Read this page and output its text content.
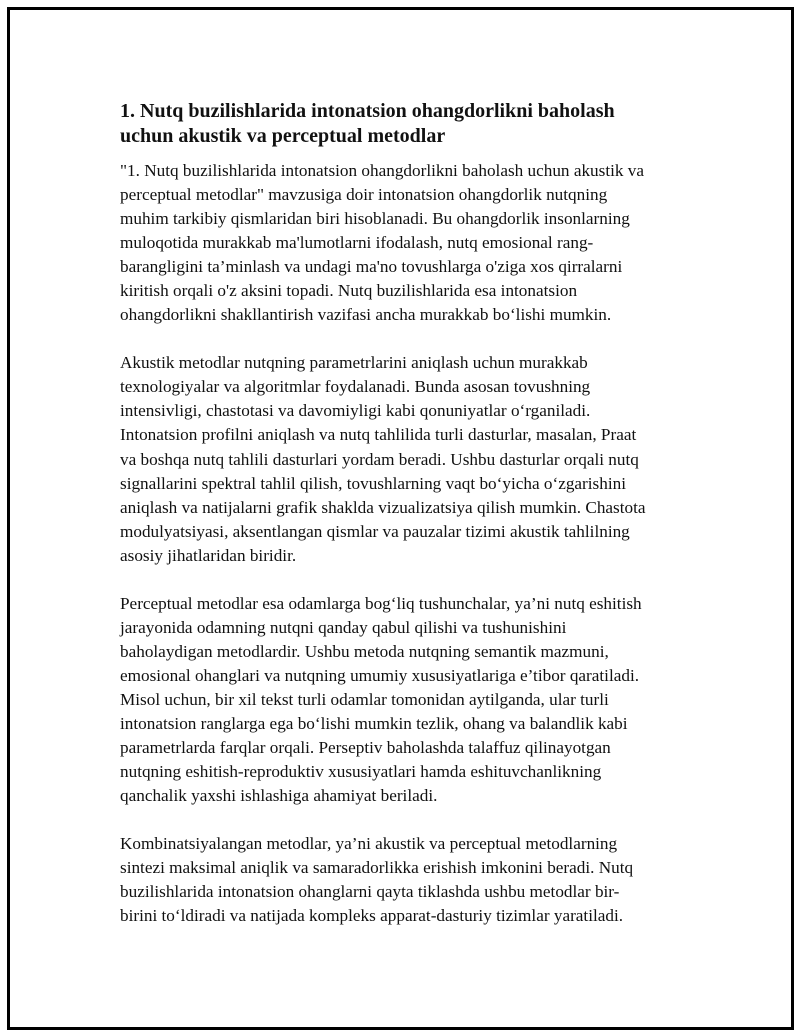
1. Nutq buzilishlarida intonatsion ohangdorlikni baholash
uchun akustik va perceptual metodlar

"1. Nutq buzilishlarida intonatsion ohangdorlikni baholash uchun akustik va
perceptual metodlar" mavzusiga doir intonatsion ohangdorlik nutqning
muhim tarkibiy qismlaridan biri hisoblanadi. Bu ohangdorlik insonlarning
muloqotida murakkab ma'lumotlarni ifodalash, nutq emosional rang-
barangligini ta’minlash va undagi ma'no tovushlarga o'ziga xos qirralarni
kiritish orqali o'z aksini topadi. Nutq buzilishlarida esa intonatsion
ohangdorlikni shakllantirish vazifasi ancha murakkab bo‘lishi mumkin.

Akustik metodlar nutqning parametrlarini aniqlash uchun murakkab
texnologiyalar va algoritmlar foydalanadi. Bunda asosan tovushning
intensivligi, chastotasi va davomiyligi kabi qonuniyatlar o‘rganiladi.
Intonatsion profilni aniqlash va nutq tahlilida turli dasturlar, masalan, Praat
va boshqa nutq tahlili dasturlari yordam beradi. Ushbu dasturlar orqali nutq
signallarini spektral tahlil qilish, tovushlarning vaqt bo‘yicha o‘zgarishini
aniqlash va natijalarni grafik shaklda vizualizatsiya qilish mumkin. Chastota
modulyatsiyasi, aksentlangan qismlar va pauzalar tizimi akustik tahlilning
asosiy jihatlaridan biridir.

Perceptual metodlar esa odamlarga bog‘liq tushunchalar, ya’ni nutq eshitish
jarayonida odamning nutqni qanday qabul qilishi va tushunishini
baholaydigan metodlardir. Ushbu metoda nutqning semantik mazmuni,
emosional ohanglari va nutqning umumiy xususiyatlariga e’tibor qaratiladi.
Misol uchun, bir xil tekst turli odamlar tomonidan aytilganda, ular turli
intonatsion ranglarga ega bo‘lishi mumkin tezlik, ohang va balandlik kabi
parametrlarda farqlar orqali. Perseptiv baholashda talaffuz qilinayotgan
nutqning eshitish-reproduktiv xususiyatlari hamda eshituvchanlikning
qanchalik yaxshi ishlashiga ahamiyat beriladi.

Kombinatsiyalangan metodlar, ya’ni akustik va perceptual metodlarning
sintezi maksimal aniqlik va samaradorlikka erishish imkonini beradi. Nutq
buzilishlarida intonatsion ohanglarni qayta tiklashda ushbu metodlar bir-
birini to‘ldiradi va natijada kompleks apparat-dasturiy tizimlar yaratiladi.
